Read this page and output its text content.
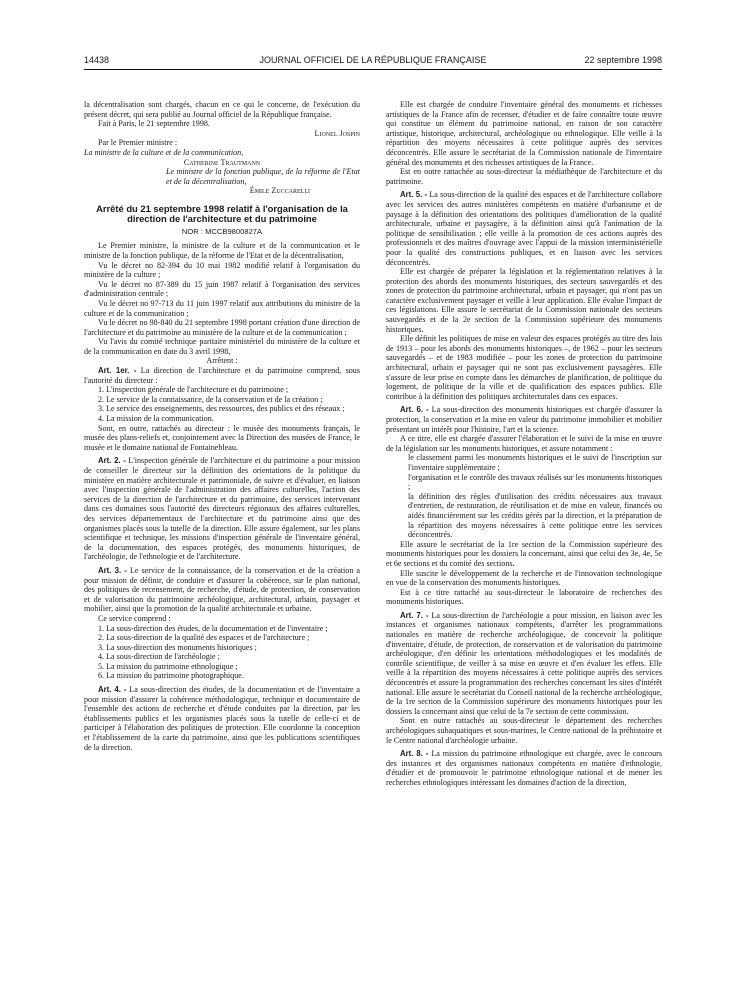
14438	JOURNAL OFFICIEL DE LA RÉPUBLIQUE FRANÇAISE	22 septembre 1998

la décentralisation sont chargés, chacun en ce qui le concerne, de l'exécution du présent décret, qui sera publié au Journal officiel de la République française.

Fait à Paris, le 21 septembre 1998.

Lionel Jospin

Par le Premier ministre :

La ministre de la culture et de la communication,

Catherine Trautmann

Le ministre de la fonction publique, de la réforme de l'Etat et de la décentralisation,

Émile Zuccarelli

Arrêté du 21 septembre 1998 relatif à l'organisation de la direction de l'architecture et du patrimoine
NOR : MCCB9800827A

Le Premier ministre, la ministre de la culture et de la communication et le ministre de la fonction publique, de la réforme de l'Etat et de la décentralisation,

Vu le décret no 82-394 du 10 mai 1982 modifié relatif à l'organisation du ministère de la culture ;

Vu le décret no 87-389 du 15 juin 1987 relatif à l'organisation des services d'administration centrale ;

Vu le décret no 97-713 du 11 juin 1997 relatif aux attributions du ministre de la culture et de la communication ;

Vu le décret no 98-840 du 21 septembre 1998 portant création d'une direction de l'architecture et du patrimoine au ministère de la culture et de la communication ;

Vu l'avis du comité technique paritaire ministériel du ministère de la culture et de la communication en date du 3 avril 1998,

Arrêtent :

Art. 1er. - La direction de l'architecture et du patrimoine comprend, sous l'autorité du directeur :

1. L'inspection générale de l'architecture et du patrimoine ;

2. Le service de la connaissance, de la conservation et de la création ;

3. Le service des enseignements, des ressources, des publics et des réseaux ;

4. La mission de la communication.

Sont, en outre, rattachés au directeur : le musée des monuments français, le musée des plans-reliefs et, conjointement avec la Direction des musées de France, le musée et le domaine national de Fontainebleau.

Art. 2. - L'inspection générale de l'architecture et du patrimoine a pour mission de conseiller le directeur sur la définition des orientations de la politique du ministère en matière architecturale et patrimoniale, de suivre et d'évaluer, en liaison avec l'inspection générale de l'administration des affaires culturelles, l'action des services de la direction de l'architecture et du patrimoine, des services intervenant dans ces domaines sous l'autorité des directeurs régionaux des affaires culturelles, des services départementaux de l'architecture et du patrimoine ainsi que des organismes placés sous la tutelle de la direction. Elle assure également, sur les plans scientifique et technique, les missions d'inspection générale de l'inventaire général, de la documentation, des espaces protégés, des monuments historiques, de l'archéologie, de l'ethnologie et de l'architecture.

Art. 3. - Le service de la connaissance, de la conservation et de la création a pour mission de définir, de conduire et d'assurer la cohérence, sur le plan national, des politiques de recensement, de recherche, d'étude, de protection, de conservation et de valorisation du patrimoine archéologique, architectural, urbain, paysager et mobilier, ainsi que la promotion de la qualité architecturale et urbaine.

Ce service comprend :

1. La sous-direction des études, de la documentation et de l'inventaire ;

2. La sous-direction de la qualité des espaces et de l'architecture ;

3. La sous-direction des monuments historiques ;

4. La sous-direction de l'archéologie ;

5. La mission du patrimoine ethnologique ;

6. La mission du patrimoine photographique.

Art. 4. - La sous-direction des études, de la documentation et de l'inventaire a pour mission d'assurer la cohérence méthodologique, technique et documentaire de l'ensemble des actions de recherche et d'étude conduites par la direction, par les établissements publics et les organismes placés sous la tutelle de celle-ci et de participer à l'élaboration des politiques de protection. Elle coordonne la conception et l'établissement de la carte du patrimoine, ainsi que les publications scientifiques de la direction.

Elle est chargée de conduire l'inventaire général des monuments et richesses artistiques de la France afin de recenser, d'étudier et de faire connaître toute œuvre qui constitue un élément du patrimoine national, en raison de son caractère artistique, historique, architectural, archéologique ou ethnologique. Elle veille à la répartition des moyens nécessaires à cette politique auprès des services déconcentrés. Elle assure le secrétariat de la Commission nationale de l'inventaire général des monuments et des richesses artistiques de la France.

Est en outre rattachée au sous-directeur la médiathèque de l'architecture et du patrimoine.

Art. 5. - La sous-direction de la qualité des espaces et de l'architecture collabore avec les services des autres ministères compétents en matière d'urbanisme et de paysage à la définition des orientations des politiques d'amélioration de la qualité architecturale, urbaine et paysagère, à la définition ainsi qu'à l'animation de la politique de sensibilisation ; elle veille à la promotion de ces actions auprès des professionnels et des maîtres d'ouvrage avec l'appui de la mission interministérielle pour la qualité des constructions publiques, et en liaison avec les services déconcentrés.

Elle est chargée de préparer la législation et la réglementation relatives à la protection des abords des monuments historiques, des secteurs sauvegardés et des zones de protection du patrimoine architectural, urbain et paysager, qui n'ont pas un caractère exclusivement paysager et veille à leur application. Elle évalue l'impact de ces législations. Elle assure le secrétariat de la Commission nationale des secteurs sauvegardés et de la 2e section de la Commission supérieure des monuments historiques.

Elle définit les politiques de mise en valeur des espaces protégés au titre des lois de 1913 – pour les abords des monuments historiques –, de 1962 – pour les secteurs sauvegardés – et de 1983 modifiée – pour les zones de protection du patrimoine architectural, urbain et paysager qui ne sont pas exclusivement paysagères. Elle s'assure de leur prise en compte dans les démarches de planification, de politique du logement, de politique de la ville et de qualification des espaces publics. Elle contribue à la définition des politiques architecturales dans ces espaces.

Art. 6. - La sous-direction des monuments historiques est chargée d'assurer la protection, la conservation et la mise en valeur du patrimoine immobilier et mobilier présentant un intérêt pour l'histoire, l'art et la science.

A ce titre, elle est chargée d'assurer l'élaboration et le suivi de la mise en œuvre de la législation sur les monuments historiques, et assure notamment :

le classement parmi les monuments historiques et le suivi de l'inscription sur l'inventaire supplémentaire ;

l'organisation et le contrôle des travaux réalisés sur les monuments historiques ;

la définition des règles d'utilisation des crédits nécessaires aux travaux d'entretien, de restauration, de réutilisation et de mise en valeur, financés ou aidés financièrement sur les crédits gérés par la direction, et la préparation de la répartition des moyens nécessaires à cette politique entre les services déconcentrés.

Elle assure le secrétariat de la 1re section de la Commission supérieure des monuments historiques pour les dossiers la concernant, ainsi que celui des 3e, 4e, 5e et 6e sections et du comité des sections.

Elle suscite le développement de la recherche et de l'innovation technologique en vue de la conservation des monuments historiques.

Est à ce titre rattaché au sous-directeur le laboratoire de recherches des monuments historiques.

Art. 7. - La sous-direction de l'archéologie a pour mission, en liaison avec les instances et organismes nationaux compétents, d'arrêter les programmations nationales en matière de recherche archéologique, de concevoir la politique d'inventaire, d'étude, de protection, de conservation et de valorisation du patrimoine archéologique, d'en définir les orientations méthodologiques et les modalités de contrôle scientifique, de veiller à sa mise en œuvre et d'en évaluer les effets. Elle veille à la répartition des moyens nécessaires à cette politique auprès des services déconcentrés et assure la programmation des recherches concernant les sites d'intérêt national. Elle assure le secrétariat du Conseil national de la recherche archéologique, de la 1re section de la Commission supérieure des monuments historiques pour les dossiers la concernant ainsi que celui de la 7e section de cette commission.

Sont en outre rattachés au sous-directeur le département des recherches archéologiques subaquatiques et sous-marines, le Centre national de la préhistoire et le Centre national d'archéologie urbaine.

Art. 8. - La mission du patrimoine ethnologique est chargée, avec le concours des instances et des organismes nationaux compétents en matière d'ethnologie, d'étudier et de promouvoir le patrimoine ethnologique national et de mener les recherches ethnologiques intéressant les domaines d'action de la direction,
